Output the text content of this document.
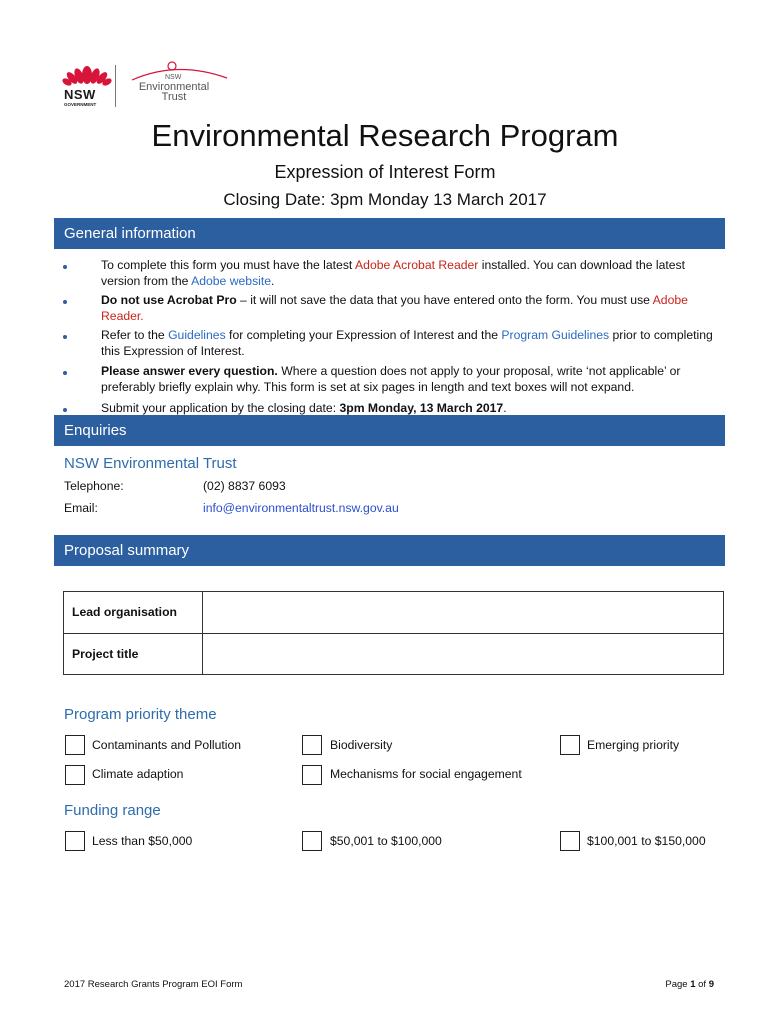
NSW
GOVERNMENT
NSW
Environmental
Trust
Environmental Research Program
Expression of Interest Form
Closing Date: 3pm Monday 13 March 2017
General information
To complete this form you must have the latest Adobe Acrobat Reader installed. You can download the latest version from the Adobe website.
Do not use Acrobat Pro – it will not save the data that you have entered onto the form. You must use Adobe Reader.
Refer to the Guidelines for completing your Expression of Interest and the Program Guidelines prior to completing this Expression of Interest.
Please answer every question. Where a question does not apply to your proposal, write ‘not applicable’ or preferably briefly explain why. This form is set at six pages in length and text boxes will not expand.
Submit your application by the closing date: 3pm Monday, 13 March 2017.
Enquiries
NSW Environmental Trust
Telephone:	(02) 8837 6093
Email:	info@environmentaltrust.nsw.gov.au
Proposal summary
Lead organisation
Project title
Program priority theme
Contaminants and Pollution	Biodiversity	Emerging priority
Climate adaption	Mechanisms for social engagement
Funding range
Less than $50,000	$50,001 to $100,000	$100,001 to $150,000
2017 Research Grants Program EOI Form	Page 1 of 9
